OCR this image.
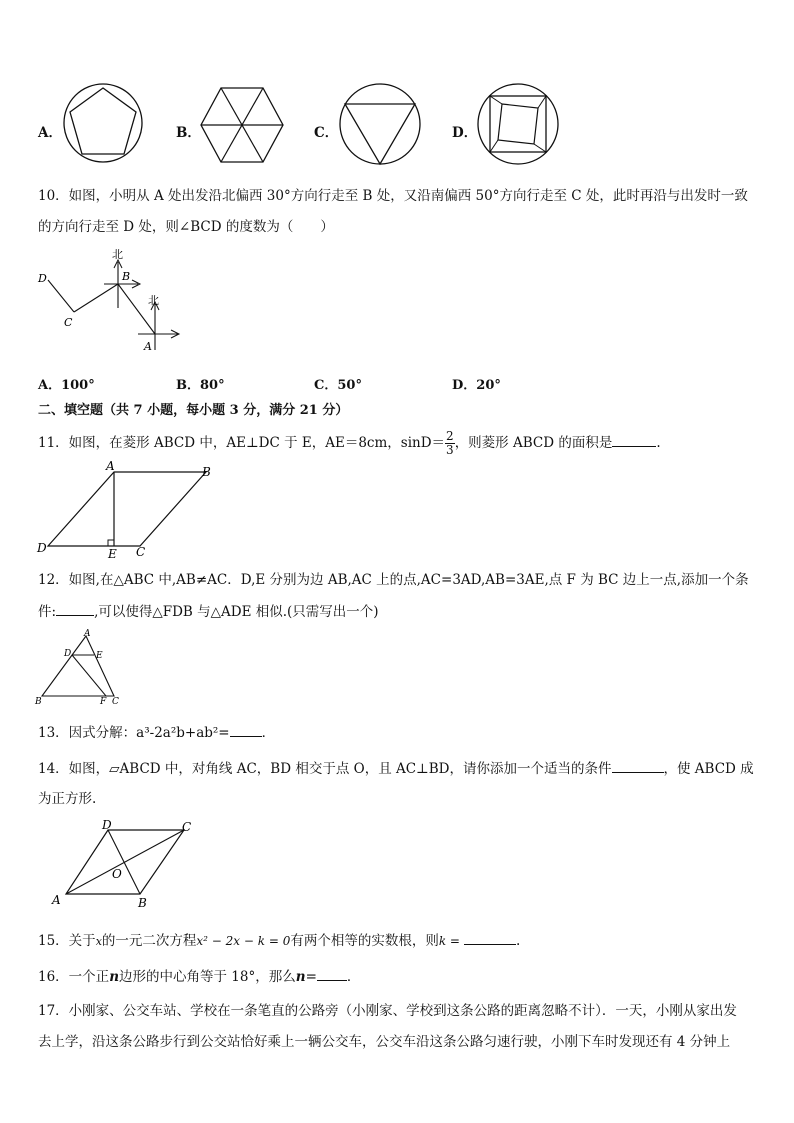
A．	B．	C．	D．
10．如图，小明从 A 处出发沿北偏西 30°方向行走至 B 处，又沿南偏西 50°方向行走至 C 处，此时再沿与出发时一致
的方向行走至 D 处，则∠BCD 的度数为（　　）
北
B
北
D
C
A
A．100°	B．80°	C．50°	D．20°
二、填空题（共 7 小题，每小题 3 分，满分 21 分）
11．如图，在菱形 ABCD 中，AE⊥DC 于 E，AE＝8cm，$\sin D= \frac{2}{3}$ ，则菱形 ABCD 的面积是	.
A	B
C
D	E
12．如图,在△ABC 中,AB≠AC．D,E 分别为边 AB,AC 上的点,AC=3AD,AB=3AE,点 F 为 BC 边上一点,添加一个条
件:	,可以使得△FDB 与△ADE 相似.(只需写出一个)
A
B	C
D	E
F
13．因式分解：a³-2a²b+ab²= ．
14．如图，▱ABCD 中，对角线 AC，BD 相交于点 O，且 AC⊥BD，请你添加一个适当的条件	，使 ABCD 成
为正方形.
D	C
A	B
O
15．关于x的一元二次方程x² − 2x − k = 0有两个相等的实数根，则k =	.
16．一个正n边形的中心角等于 18°，那么n= ．
17．小刚家、公交车站、学校在一条笔直的公路旁（小刚家、学校到这条公路的距离忽略不计）．一天，小刚从家出发
去上学，沿这条公路步行到公交站恰好乘上一辆公交车，公交车沿这条公路匀速行驶，小刚下车时发现还有 4 分钟上
